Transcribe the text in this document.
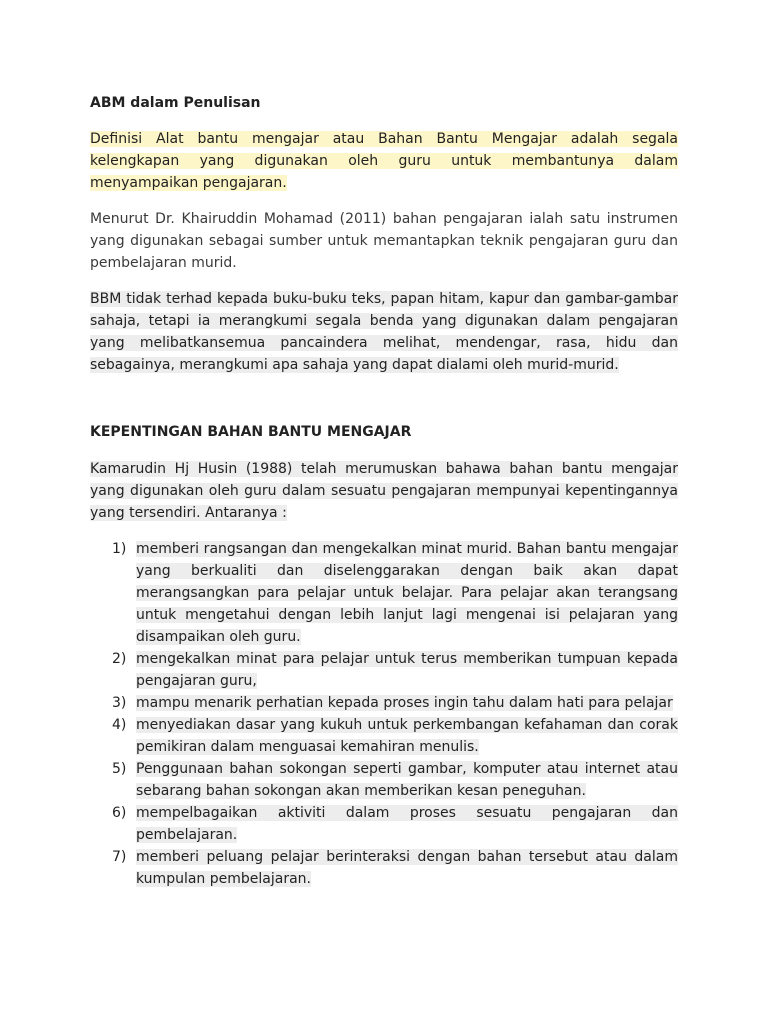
ABM dalam Penulisan

Definisi Alat bantu mengajar atau Bahan Bantu Mengajar adalah segala kelengkapan yang digunakan oleh guru untuk membantunya dalam menyampaikan pengajaran.

Menurut Dr. Khairuddin Mohamad (2011) bahan pengajaran ialah satu instrumen yang digunakan sebagai sumber untuk memantapkan teknik pengajaran guru dan pembelajaran murid.

BBM tidak terhad kepada buku-buku teks, papan hitam, kapur dan gambar-gambar sahaja, tetapi ia merangkumi segala benda yang digunakan dalam pengajaran yang melibatkansemua pancaindera melihat, mendengar, rasa, hidu dan sebagainya, merangkumi apa sahaja yang dapat dialami oleh murid-murid.

KEPENTINGAN BAHAN BANTU MENGAJAR

Kamarudin Hj Husin (1988) telah merumuskan bahawa bahan bantu mengajar yang digunakan oleh guru dalam sesuatu pengajaran mempunyai kepentingannya yang tersendiri. Antaranya :

1) memberi rangsangan dan mengekalkan minat murid. Bahan bantu mengajar yang berkualiti dan diselenggarakan dengan baik akan dapat merangsangkan para pelajar untuk belajar. Para pelajar akan terangsang untuk mengetahui dengan lebih lanjut lagi mengenai isi pelajaran yang disampaikan oleh guru.
2) mengekalkan minat para pelajar untuk terus memberikan tumpuan kepada pengajaran guru,
3) mampu menarik perhatian kepada proses ingin tahu dalam hati para pelajar
4) menyediakan dasar yang kukuh untuk perkembangan kefahaman dan corak pemikiran dalam menguasai kemahiran menulis.
5) Penggunaan bahan sokongan seperti gambar, komputer atau internet atau sebarang bahan sokongan akan memberikan kesan peneguhan.
6) mempelbagaikan aktiviti dalam proses sesuatu pengajaran dan pembelajaran.
7) memberi peluang pelajar berinteraksi dengan bahan tersebut atau dalam kumpulan pembelajaran.
